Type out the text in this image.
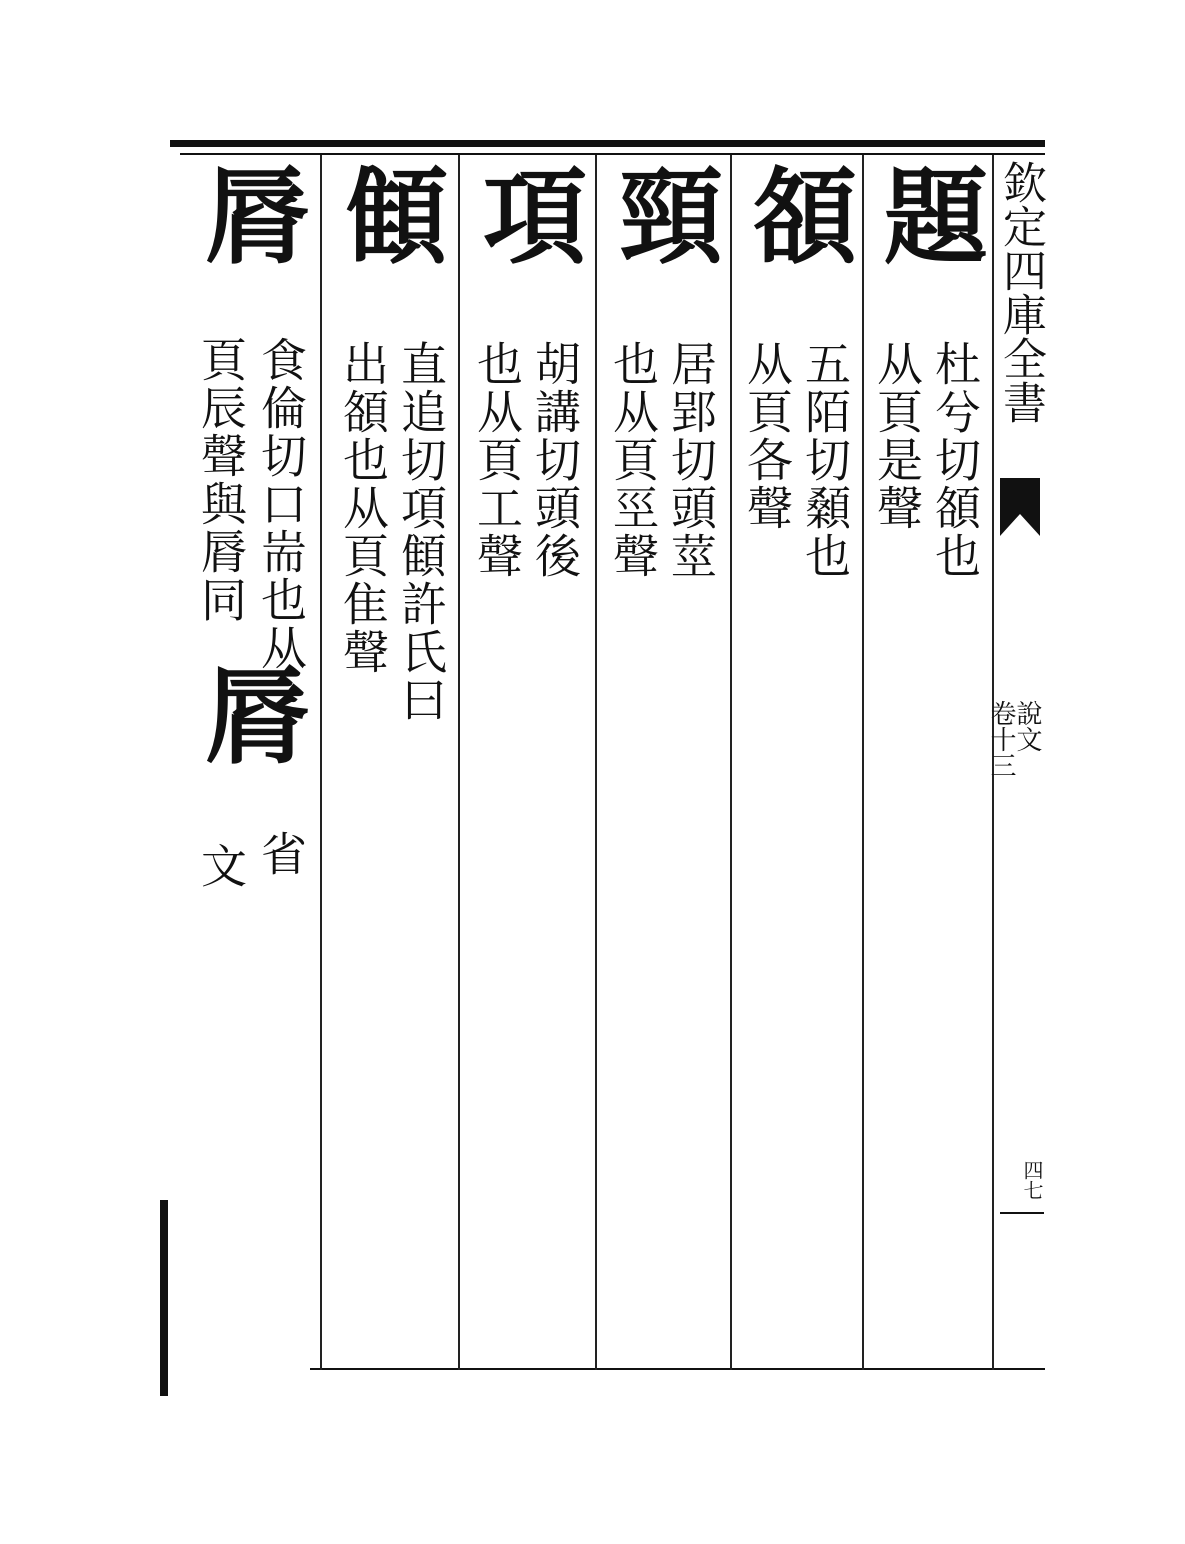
欽定四庫全書
說文
卷十三
四七
題
杜兮切頟也
从頁是聲
頟
五陌切顙也
从頁各聲
頸
居郢切頭莖
也从頁巠聲
項
胡講切頭後
也从頁工聲
顀
直追切項顀許氏曰
出頟也从頁隹聲
脣
食倫切口耑也从
頁辰聲與脣同
脣
省
文
